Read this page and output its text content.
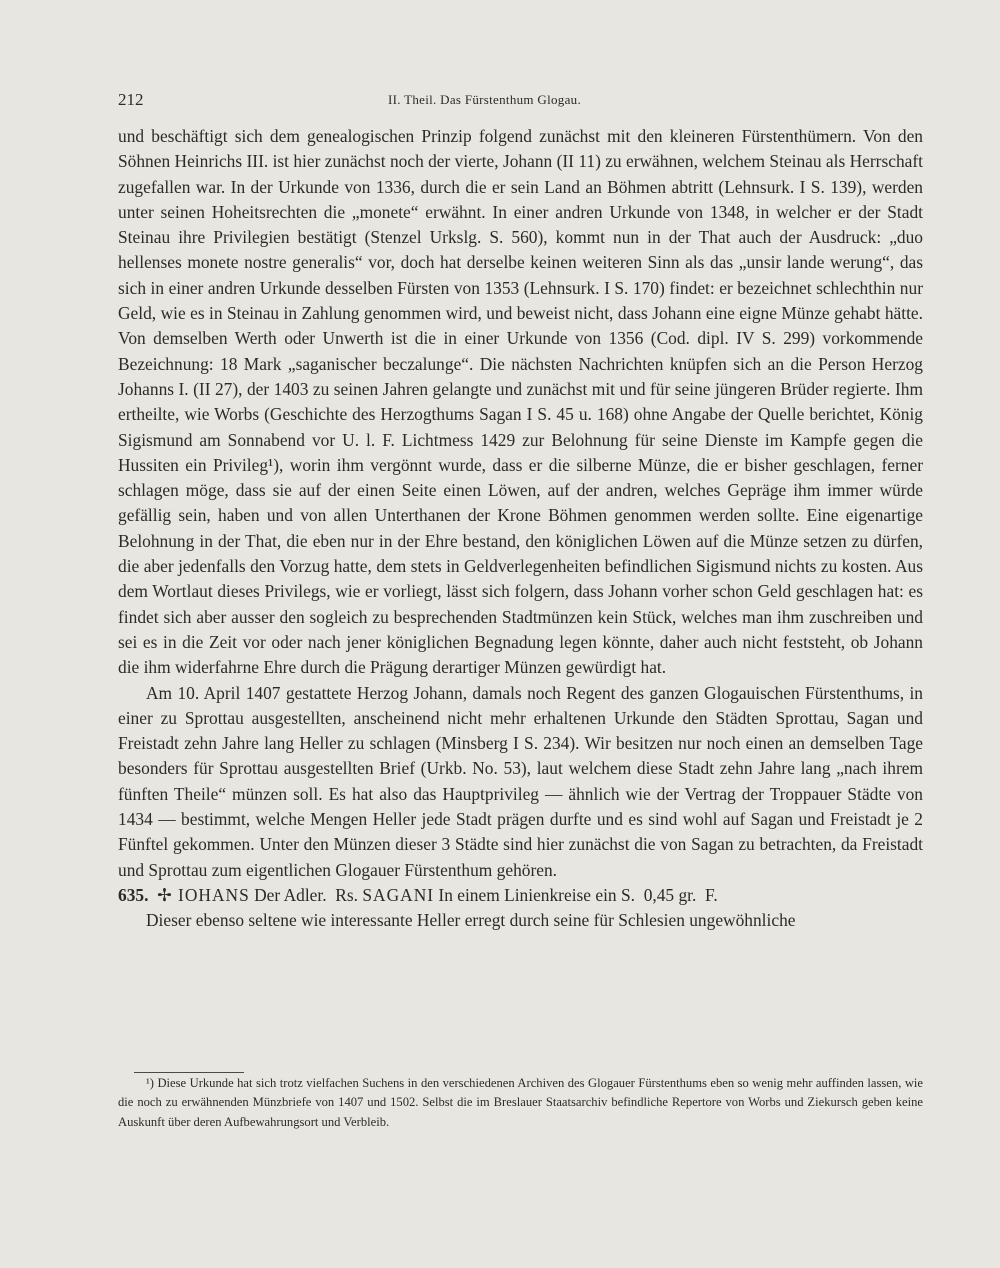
212	II. Theil. Das Fürstenthum Glogau.

und beschäftigt sich dem genealogischen Prinzip folgend zunächst mit den kleineren Fürstenthümern. Von den Söhnen Heinrichs III. ist hier zunächst noch der vierte, Johann (II 11) zu erwähnen, welchem Steinau als Herrschaft zugefallen war. In der Urkunde von 1336, durch die er sein Land an Böhmen abtritt (Lehnsurk. I S. 139), werden unter seinen Hoheitsrechten die „monete“ erwähnt. In einer andren Urkunde von 1348, in welcher er der Stadt Steinau ihre Privilegien bestätigt (Stenzel Urkslg. S. 560), kommt nun in der That auch der Ausdruck: „duo hellenses monete nostre generalis“ vor, doch hat derselbe keinen weiteren Sinn als das „unsir lande werung“, das sich in einer andren Urkunde desselben Fürsten von 1353 (Lehnsurk. I S. 170) findet: er bezeichnet schlechthin nur Geld, wie es in Steinau in Zahlung genommen wird, und beweist nicht, dass Johann eine eigne Münze gehabt hätte. Von demselben Werth oder Unwerth ist die in einer Urkunde von 1356 (Cod. dipl. IV S. 299) vorkommende Bezeichnung: 18 Mark „saganischer beczalunge“. Die nächsten Nachrichten knüpfen sich an die Person Herzog Johanns I. (II 27), der 1403 zu seinen Jahren gelangte und zunächst mit und für seine jüngeren Brüder regierte. Ihm ertheilte, wie Worbs (Geschichte des Herzogthums Sagan I S. 45 u. 168) ohne Angabe der Quelle berichtet, König Sigismund am Sonnabend vor U. l. F. Lichtmess 1429 zur Belohnung für seine Dienste im Kampfe gegen die Hussiten ein Privileg¹), worin ihm vergönnt wurde, dass er die silberne Münze, die er bisher geschlagen, ferner schlagen möge, dass sie auf der einen Seite einen Löwen, auf der andren, welches Gepräge ihm immer würde gefällig sein, haben und von allen Unterthanen der Krone Böhmen genommen werden sollte. Eine eigenartige Belohnung in der That, die eben nur in der Ehre bestand, den königlichen Löwen auf die Münze setzen zu dürfen, die aber jedenfalls den Vorzug hatte, dem stets in Geldverlegenheiten befindlichen Sigismund nichts zu kosten. Aus dem Wortlaut dieses Privilegs, wie er vorliegt, lässt sich folgern, dass Johann vorher schon Geld geschlagen hat: es findet sich aber ausser den sogleich zu besprechenden Stadtmünzen kein Stück, welches man ihm zuschreiben und sei es in die Zeit vor oder nach jener königlichen Begnadung legen könnte, daher auch nicht feststeht, ob Johann die ihm widerfahrne Ehre durch die Prägung derartiger Münzen gewürdigt hat.

Am 10. April 1407 gestattete Herzog Johann, damals noch Regent des ganzen Glogauischen Fürstenthums, in einer zu Sprottau ausgestellten, anscheinend nicht mehr erhaltenen Urkunde den Städten Sprottau, Sagan und Freistadt zehn Jahre lang Heller zu schlagen (Minsberg I S. 234). Wir besitzen nur noch einen an demselben Tage besonders für Sprottau ausgestellten Brief (Urkb. No. 53), laut welchem diese Stadt zehn Jahre lang „nach ihrem fünften Theile“ münzen soll. Es hat also das Hauptprivileg — ähnlich wie der Vertrag der Troppauer Städte von 1434 — bestimmt, welche Mengen Heller jede Stadt prägen durfte und es sind wohl auf Sagan und Freistadt je 2 Fünftel gekommen. Unter den Münzen dieser 3 Städte sind hier zunächst die von Sagan zu betrachten, da Freistadt und Sprottau zum eigentlichen Glogauer Fürstenthum gehören.

635. ✢ IOHANS Der Adler. Rs. SAGANI In einem Linienkreise ein S. 0,45 gr. F.

Dieser ebenso seltene wie interessante Heller erregt durch seine für Schlesien ungewöhnliche

¹) Diese Urkunde hat sich trotz vielfachen Suchens in den verschiedenen Archiven des Glogauer Fürstenthums eben so wenig mehr auffinden lassen, wie die noch zu erwähnenden Münzbriefe von 1407 und 1502. Selbst die im Breslauer Staatsarchiv befindliche Repertore von Worbs und Ziekursch geben keine Auskunft über deren Aufbewahrungsort und Verbleib.
